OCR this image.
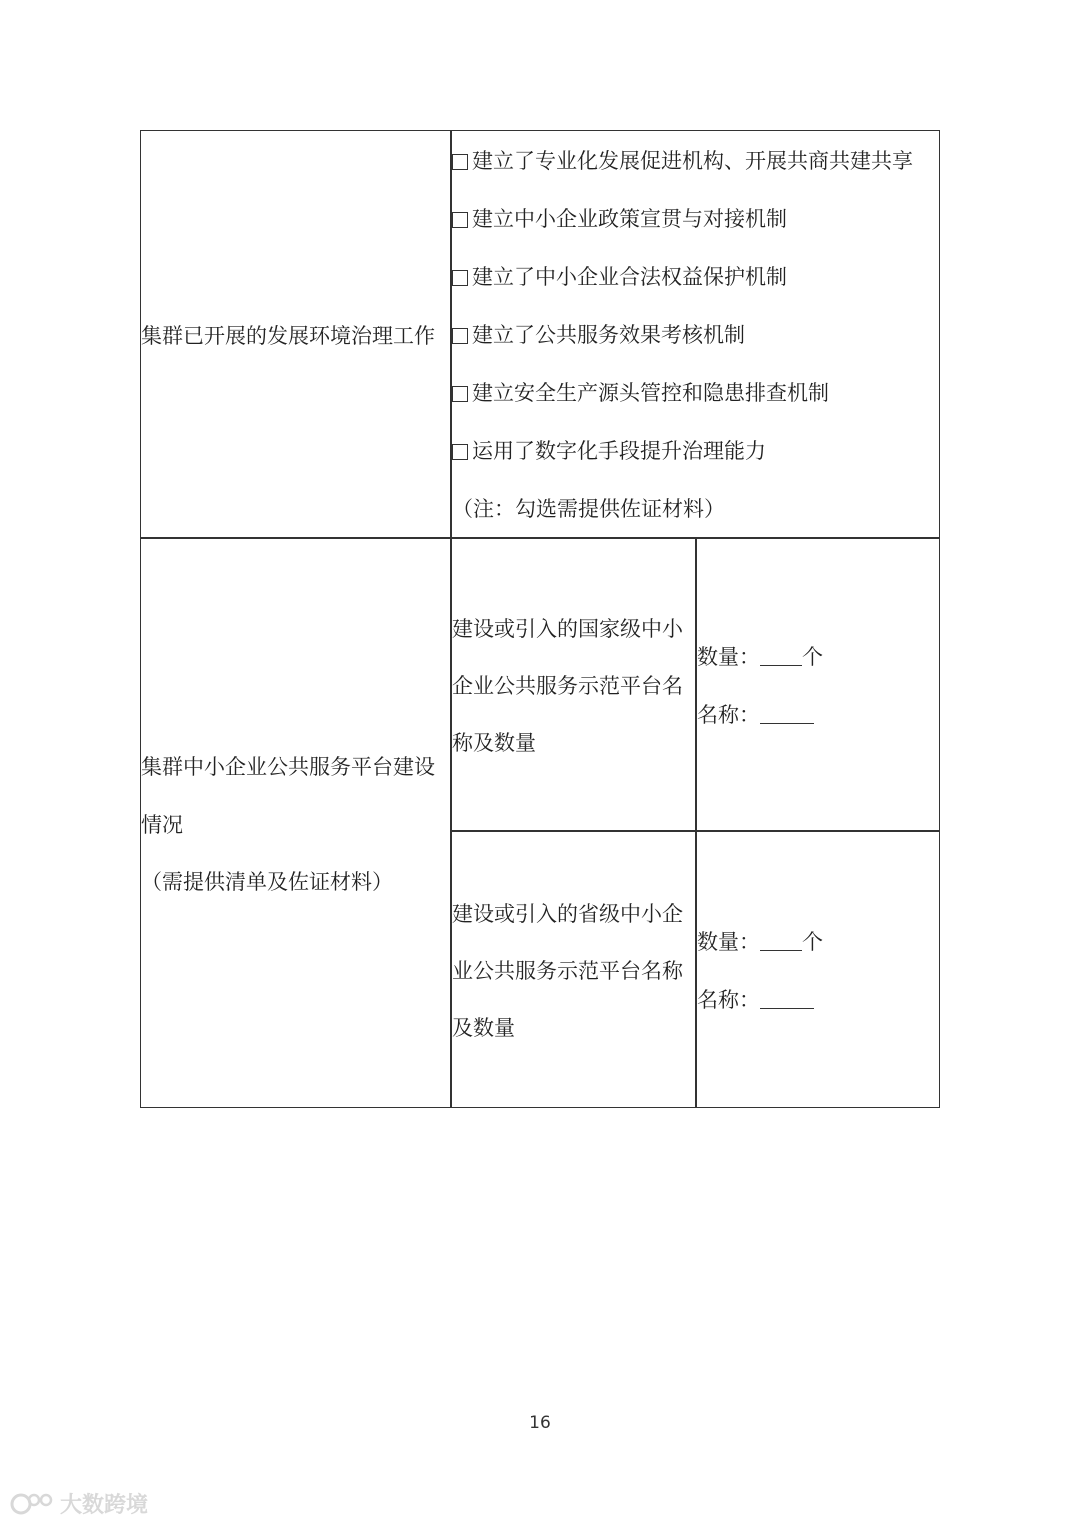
集群已开展的发展环境治理工作
建立了专业化发展促进机构、开展共商共建共享
建立中小企业政策宣贯与对接机制
建立了中小企业合法权益保护机制
建立了公共服务效果考核机制
建立安全生产源头管控和隐患排查机制
运用了数字化手段提升治理能力
（注：勾选需提供佐证材料）
集群中小企业公共服务平台建设
情况
（需提供清单及佐证材料）
建设或引入的国家级中小
企业公共服务示范平台名
称及数量
数量： 个
名称：
建设或引入的省级中小企
业公共服务示范平台名称
及数量
数量： 个
名称：
16
大数跨境
